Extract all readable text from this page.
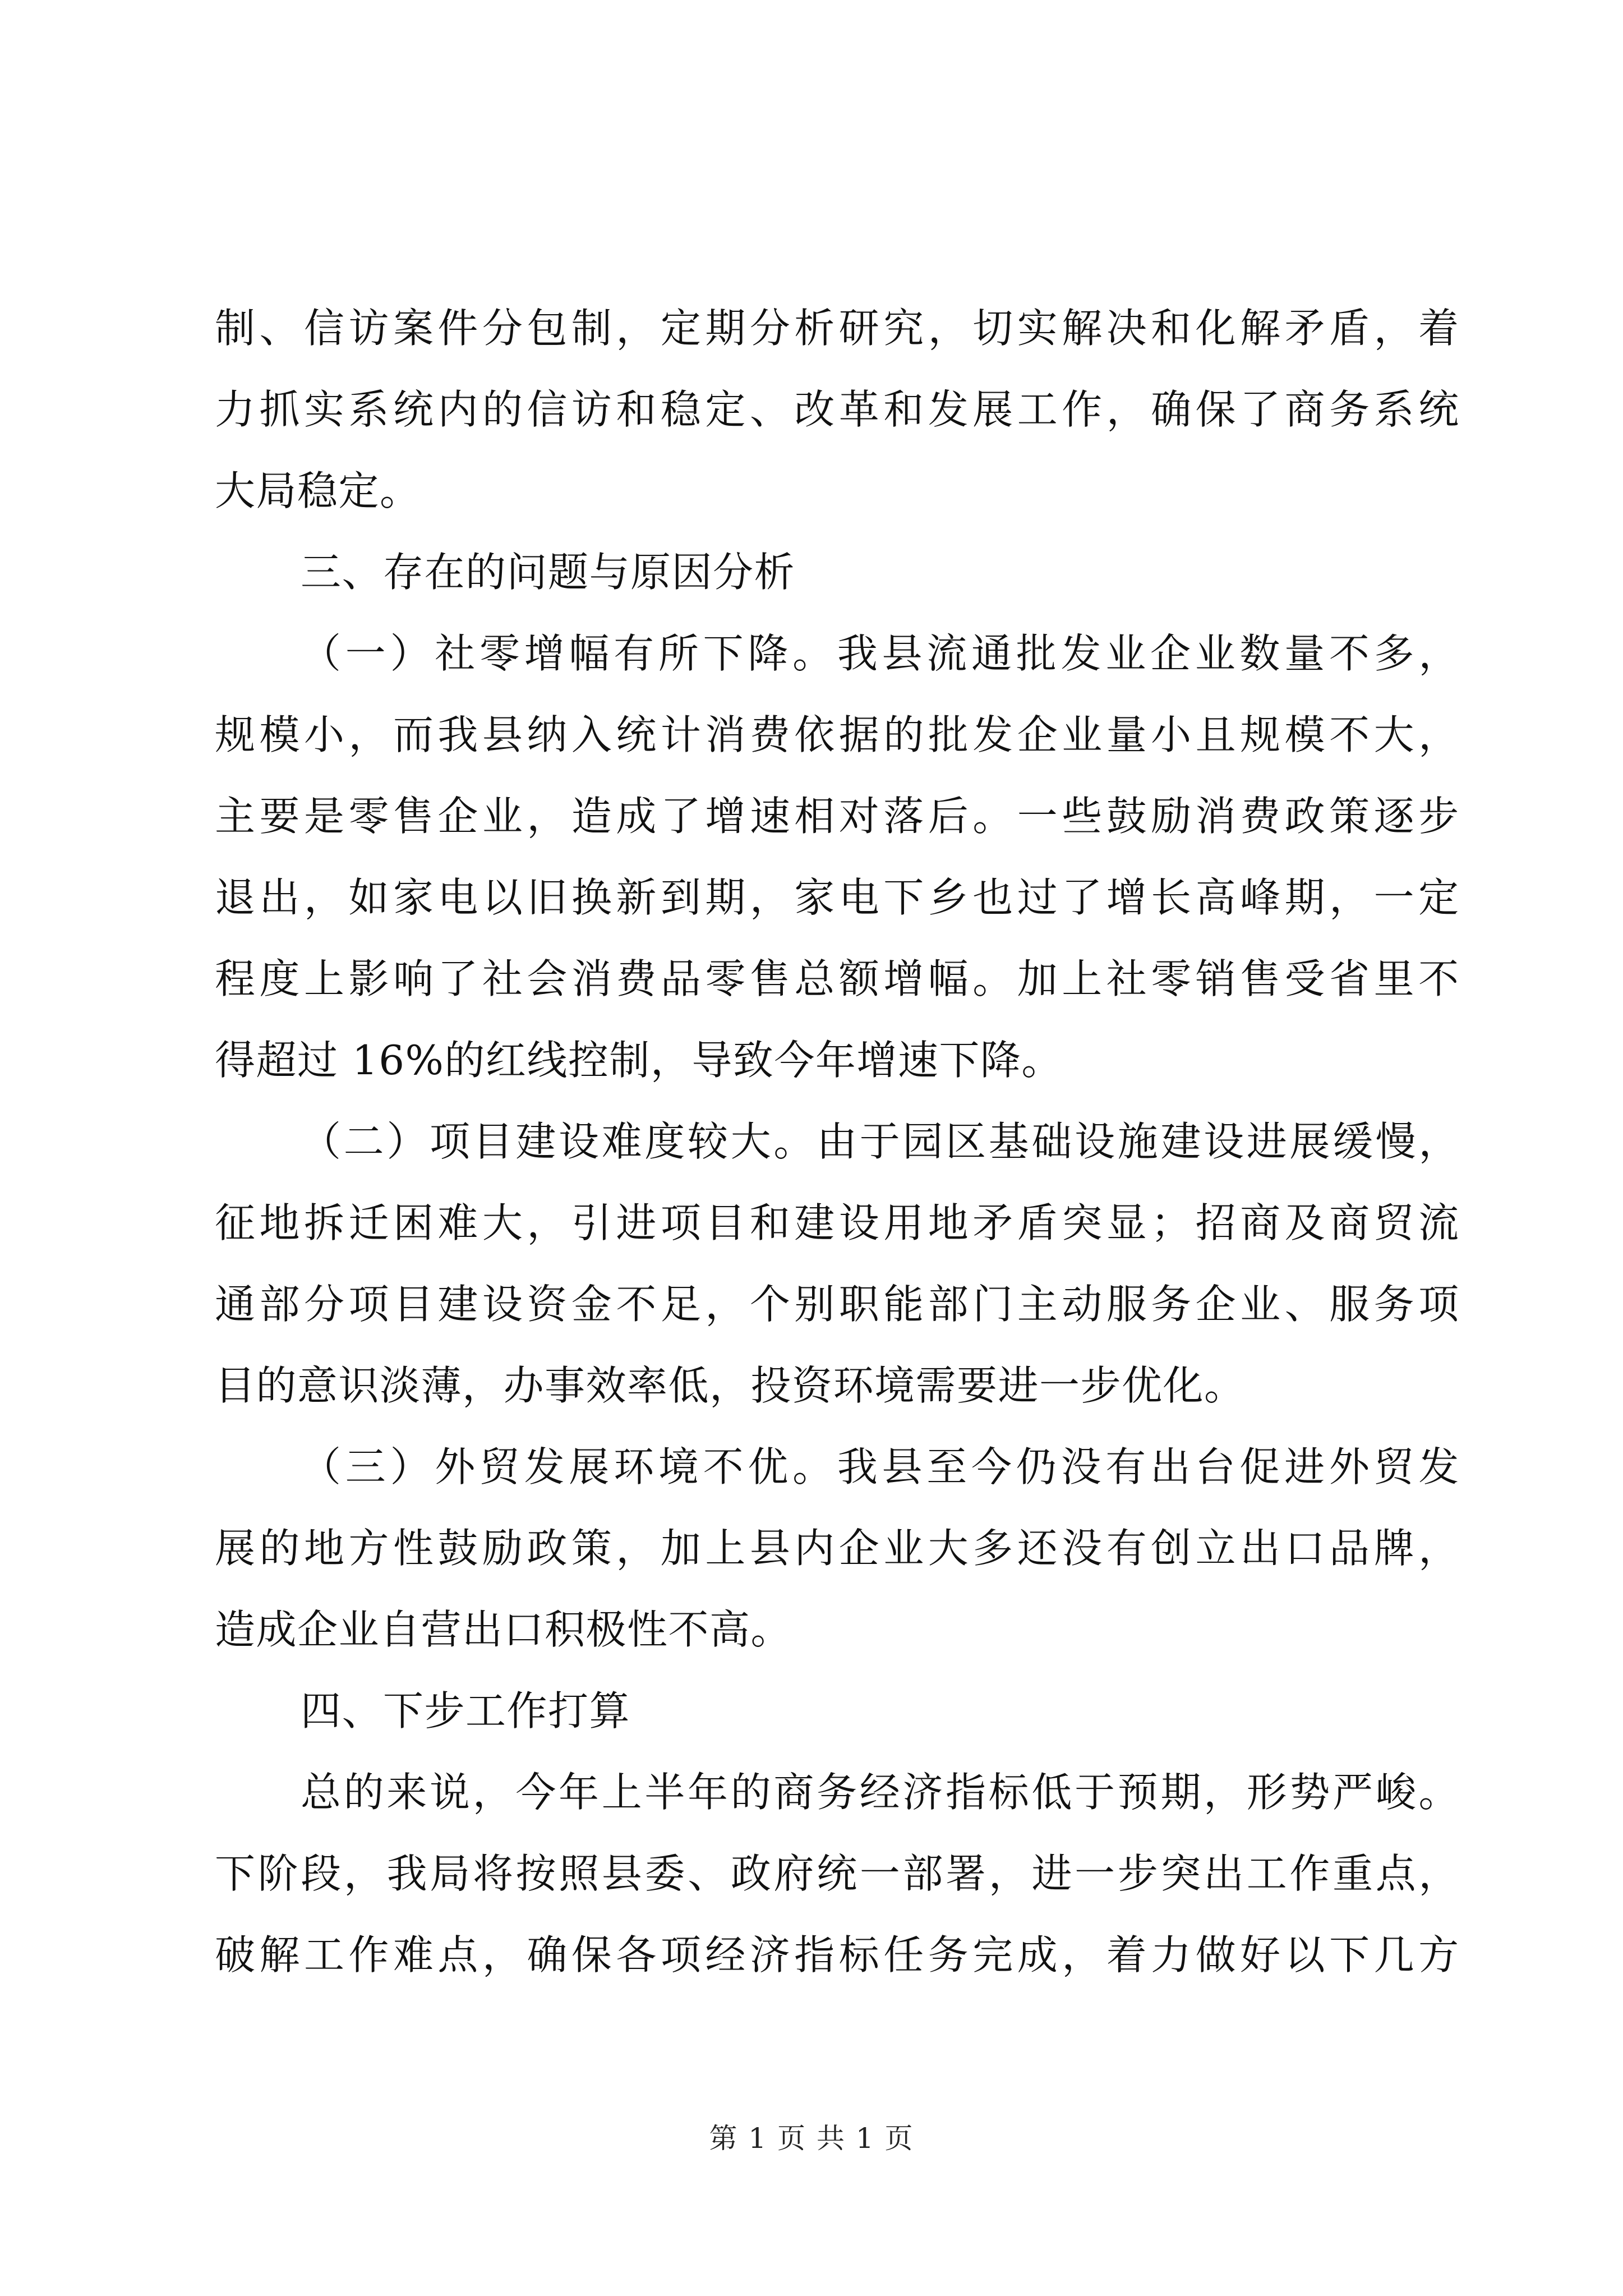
制 、 信 访 案 件 分 包 制 ， 定 期 分 析 研 究 ， 切 实 解 决 和 化 解 矛 盾 ， 着
力 抓 实 系 统 内 的 信 访 和 稳 定 、 改 革 和 发 展 工 作 ， 确 保 了 商 务 系 统
大局稳定。
三、存在的问题与原因分析
（ 一 ） 社 零 增 幅 有 所 下 降 。 我 县 流 通 批 发 业 企 业 数 量 不 多 ，
规 模 小 ， 而 我 县 纳 入 统 计 消 费 依 据 的 批 发 企 业 量 小 且 规 模 不 大 ，
主 要 是 零 售 企 业 ， 造 成 了 增 速 相 对 落 后 。 一 些 鼓 励 消 费 政 策 逐 步
退 出 ， 如 家 电 以 旧 换 新 到 期 ， 家 电 下 乡 也 过 了 增 长 高 峰 期 ， 一 定
程 度 上 影 响 了 社 会 消 费 品 零 售 总 额 增 幅 。 加 上 社 零 销 售 受 省 里 不
得超过 16%的红线控制，导致今年增速下降。
（ 二 ） 项 目 建 设 难 度 较 大 。 由 于 园 区 基 础 设 施 建 设 进 展 缓 慢 ，
征 地 拆 迁 困 难 大 ， 引 进 项 目 和 建 设 用 地 矛 盾 突 显 ； 招 商 及 商 贸 流
通 部 分 项 目 建 设 资 金 不 足 ， 个 别 职 能 部 门 主 动 服 务 企 业 、 服 务 项
目的意识淡薄，办事效率低，投资环境需要进一步优化。
（ 三 ） 外 贸 发 展 环 境 不 优 。 我 县 至 今 仍 没 有 出 台 促 进 外 贸 发
展 的 地 方 性 鼓 励 政 策 ， 加 上 县 内 企 业 大 多 还 没 有 创 立 出 口 品 牌 ，
造成企业自营出口积极性不高。
四、下步工作打算
总 的 来 说 ， 今 年 上 半 年 的 商 务 经 济 指 标 低 于 预 期 ， 形 势 严 峻 。
下 阶 段 ， 我 局 将 按 照 县 委 、 政 府 统 一 部 署 ， 进 一 步 突 出 工 作 重 点 ，
破 解 工 作 难 点 ， 确 保 各 项 经 济 指 标 任 务 完 成 ， 着 力 做 好 以 下 几 方
第 1 页 共 1 页
